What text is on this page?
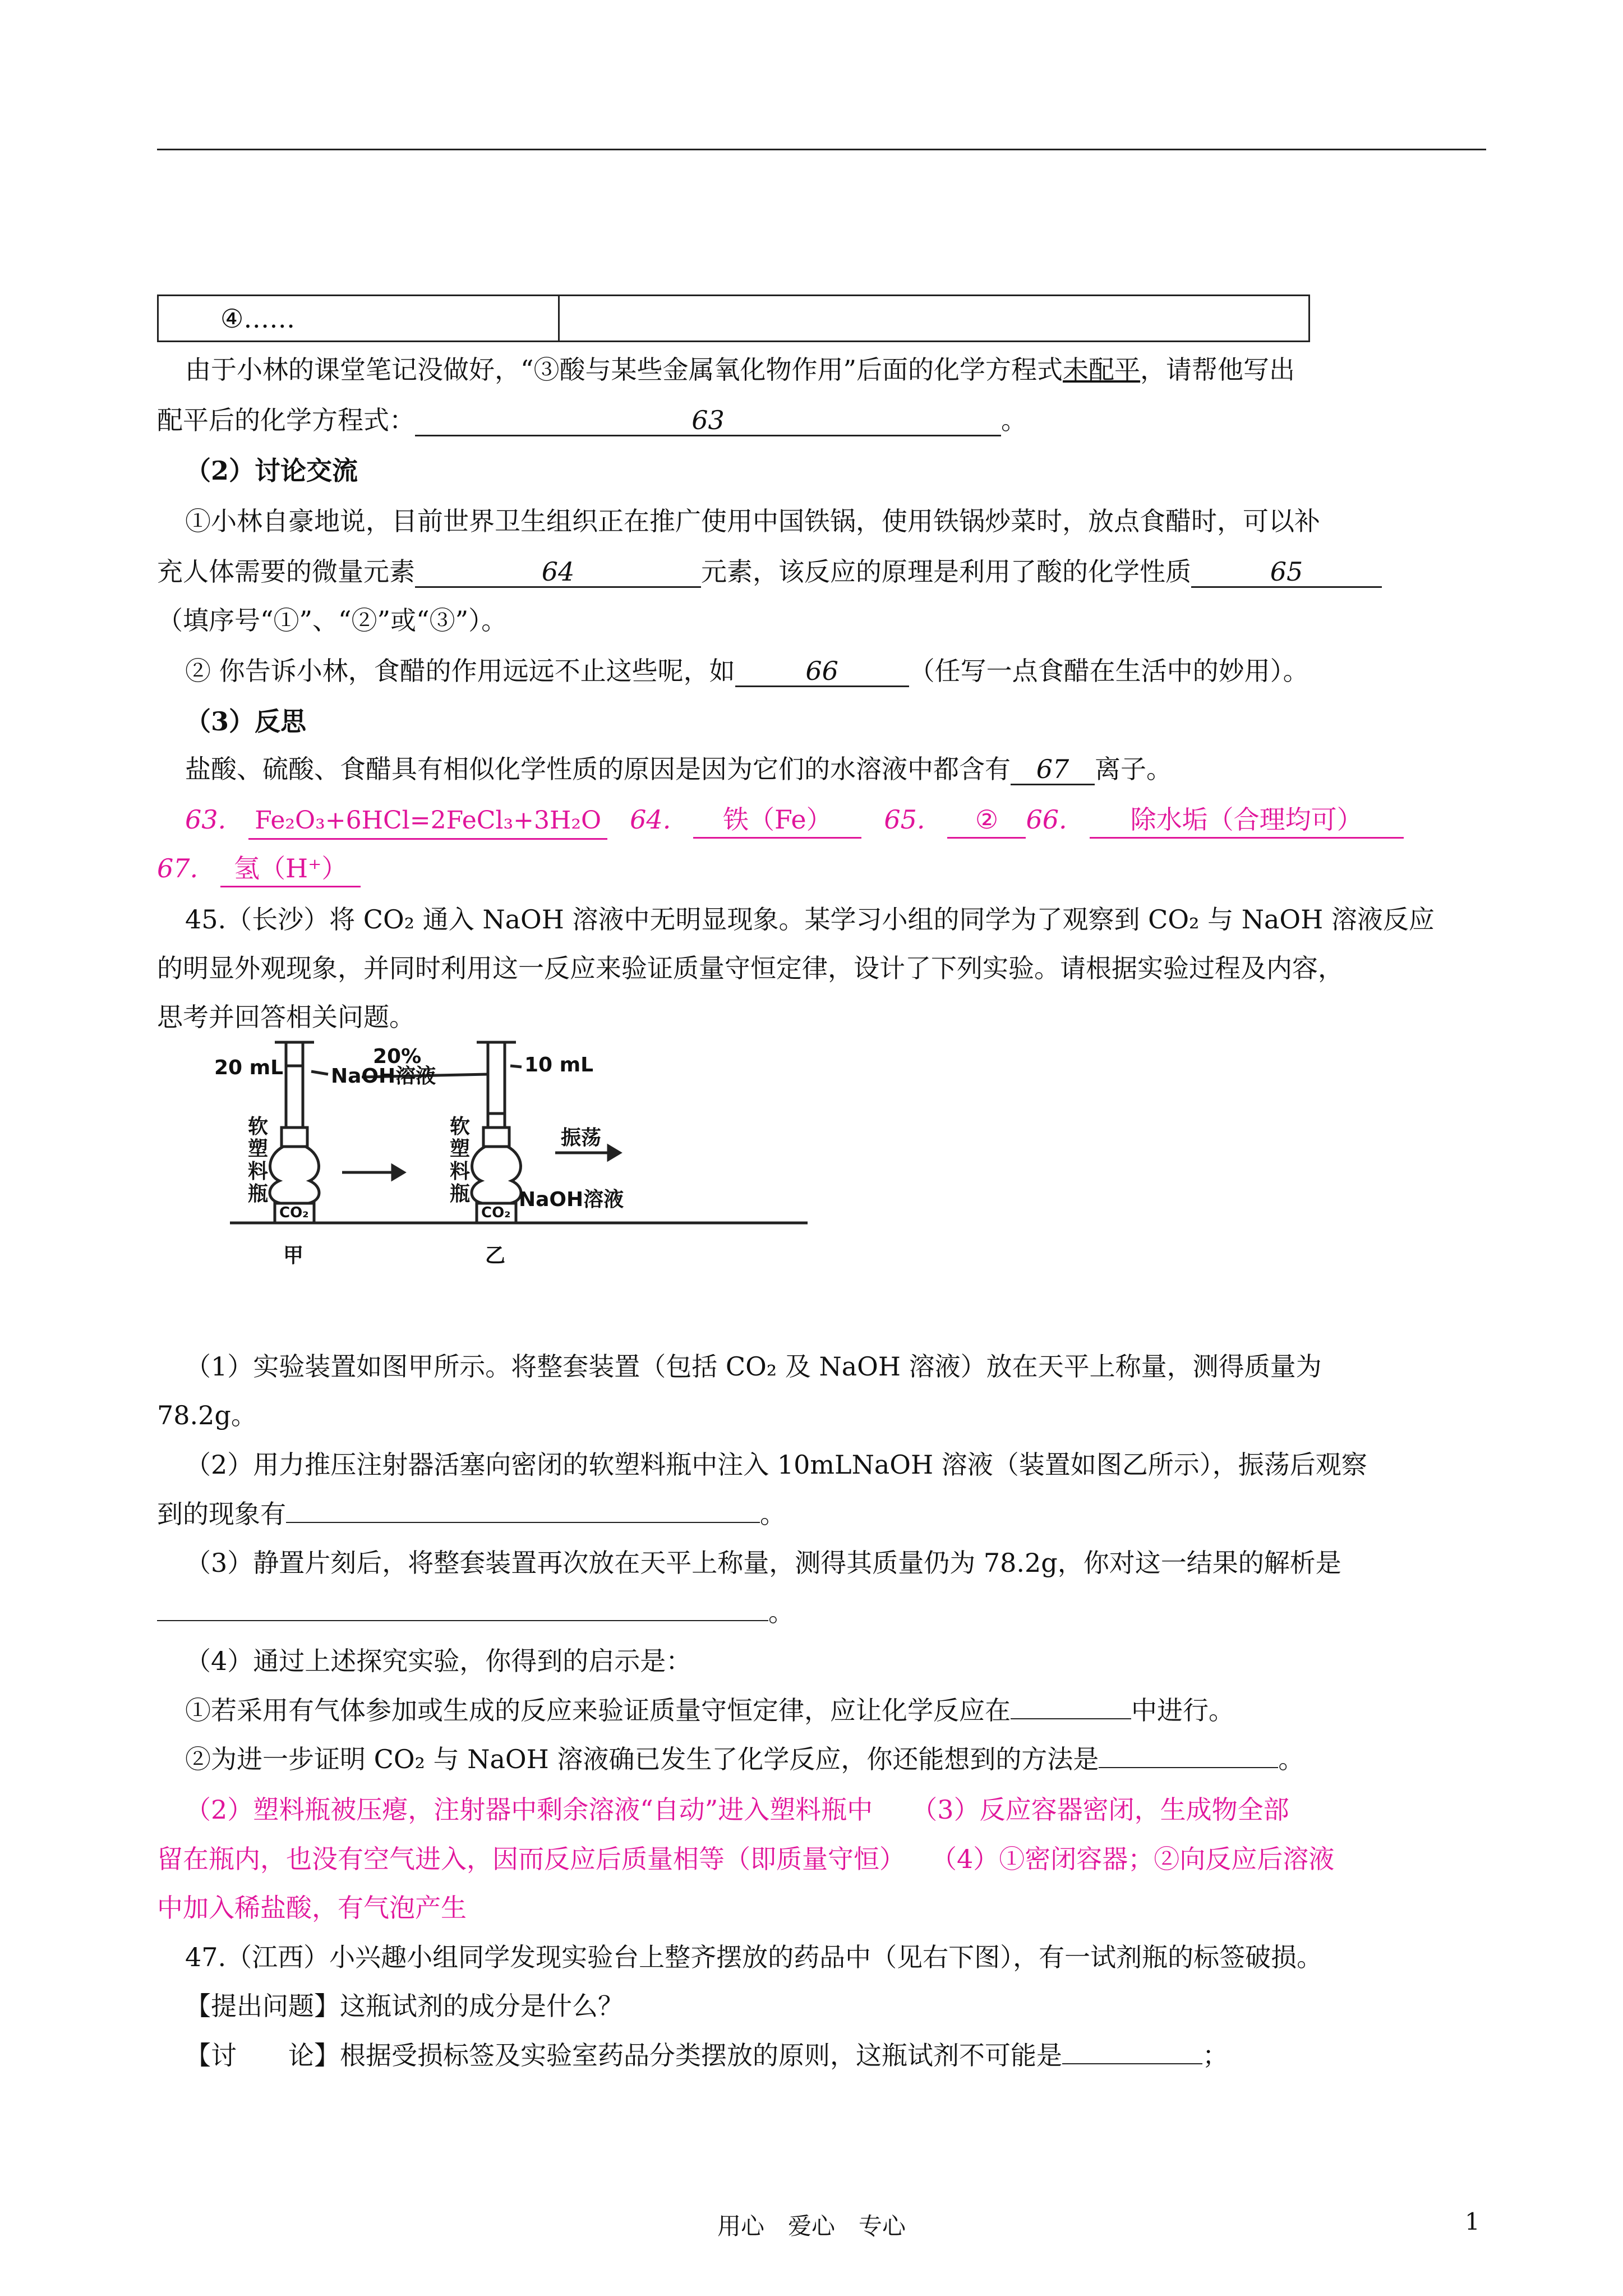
④……
由于小林的课堂笔记没做好，“③酸与某些金属氧化物作用”后面的化学方程式未配平，请帮他写出
配平后的化学方程式：	63	。
（2）讨论交流
①小林自豪地说，目前世界卫生组织正在推广使用中国铁锅，使用铁锅炒菜时，放点食醋时，可以补
充人体需要的微量元素	64	元素，该反应的原理是利用了酸的化学性质	65
（填序号“①”、“②”或“③”）。
② 你告诉小林，食醋的作用远远不止这些呢，如	66	（任写一点食醋在生活中的妙用）。
（3）反思
盐酸、硫酸、食醋具有相似化学性质的原因是因为它们的水溶液中都含有 67 离子。
63. Fe₂O₃+6HCl=2FeCl₃+3H₂O 64. 铁（Fe） 65. ② 66. 除水垢（合理均可）
67. 氢（H⁺）
45.（长沙）将 CO₂ 通入 NaOH 溶液中无明显现象。某学习小组的同学为了观察到 CO₂ 与 NaOH 溶液反应
的明显外观现象，并同时利用这一反应来验证质量守恒定律，设计了下列实验。请根据实验过程及内容，
思考并回答相关问题。
20 mL	20%
NaOH溶液	10 mL
软
塑
料
瓶
软
塑
料
瓶
CO₂	CO₂
振荡
NaOH溶液
甲	乙
（1）实验装置如图甲所示。将整套装置（包括 CO₂ 及 NaOH 溶液）放在天平上称量，测得质量为
78.2g。
（2）用力推压注射器活塞向密闭的软塑料瓶中注入 10mLNaOH 溶液（装置如图乙所示），振荡后观察
到的现象有	。
（3）静置片刻后，将整套装置再次放在天平上称量，测得其质量仍为 78.2g，你对这一结果的解析是
。
（4）通过上述探究实验，你得到的启示是：
①若采用有气体参加或生成的反应来验证质量守恒定律，应让化学反应在	中进行。
②为进一步证明 CO₂ 与 NaOH 溶液确已发生了化学反应，你还能想到的方法是	。
（2）塑料瓶被压瘪，注射器中剩余溶液“自动”进入塑料瓶中　　（3）反应容器密闭，生成物全部
留在瓶内，也没有空气进入，因而反应后质量相等（即质量守恒）　　（4）①密闭容器；②向反应后溶液
中加入稀盐酸，有气泡产生
47.（江西）小兴趣小组同学发现实验台上整齐摆放的药品中（见右下图），有一试剂瓶的标签破损。
【提出问题】这瓶试剂的成分是什么？
【讨　　论】根据受损标签及实验室药品分类摆放的原则，这瓶试剂不可能是	；
用心　爱心　专心	1
